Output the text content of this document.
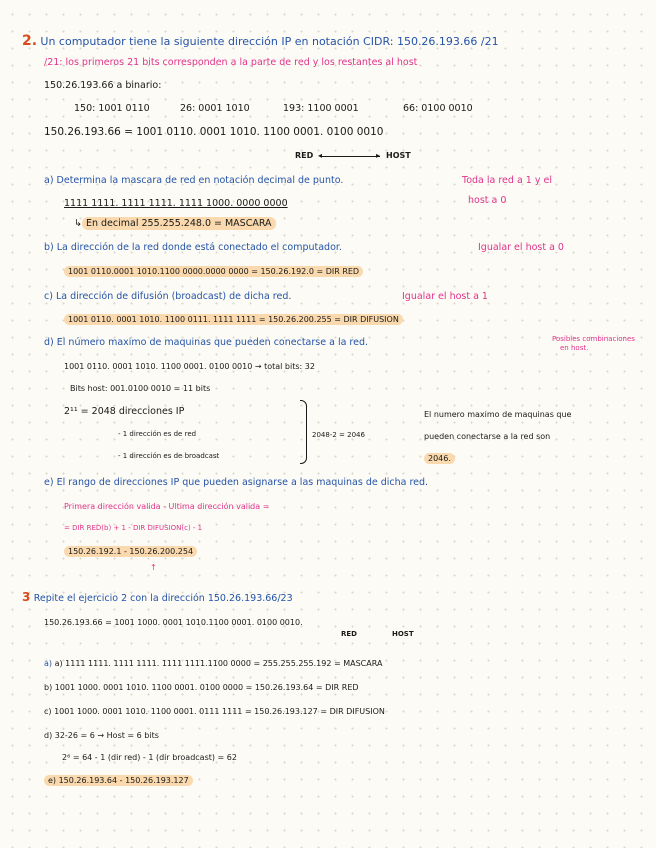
2. Un computador tiene la siguiente dirección IP en notación CIDR: 150.26.193.66 /21
/21: los primeros 21 bits corresponden a la parte de red y los restantes al host
150.26.193.66 a binario:
150: 1001 0110	26: 0001 1010	193: 1100 0001	66: 0100 0010
150.26.193.66 = 1001 0110. 0001 1010. 1100 0001. 0100 0010
RED ◂	▸ HOST
a) Determina la mascara de red en notación decimal de punto.	Toda la red a 1 y el
host a 0
1111 1111. 1111 1111. 1111 1000. 0000 0000
↳ En decimal 255.255.248.0 = MASCARA
b) La dirección de la red donde está conectado el computador.	Igualar el host a 0
1001 0110.0001 1010.1100 0000.0000 0000 = 150.26.192.0 = DIR RED
c) La dirección de difusión (broadcast) de dicha red.	Igualar el host a 1
1001 0110. 0001 1010. 1100 0111. 1111 1111 = 150.26.200.255 = DIR DIFUSION
d) El número maximo de maquinas que pueden conectarse a la red.	Posibles combinaciones
en host.
1001 0110. 0001 1010. 1100 0001. 0100 0010 → total bits: 32
Bits host: 001.0100 0010 = 11 bits
2¹¹ = 2048 direcciones IP
- 1 dirección es de red
- 1 dirección es de broadcast
2048-2 = 2046
El numero maximo de maquinas que
pueden conectarse a la red son
2046.
e) El rango de direcciones IP que pueden asignarse a las maquinas de dicha red.
Primera dirección valida - Ultima dirección valida =
= DIR RED(b) + 1 - DIR DIFUSION(c) - 1
150.26.192.1 - 150.26.200.254
↑
3 Repite el ejercicio 2 con la dirección 150.26.193.66/23
150.26.193.66 = 1001 1000. 0001 1010.1100 0001. 0100 0010.
RED	HOST
a) a) 1111 1111. 1111 1111. 1111 1111.1100 0000 = 255.255.255.192 = MASCARA
b) 1001 1000. 0001 1010. 1100 0001. 0100 0000 = 150.26.193.64 = DIR RED
c) 1001 1000. 0001 1010. 1100 0001. 0111 1111 = 150.26.193.127 = DIR DIFUSION
d) 32-26 = 6 → Host = 6 bits
2⁶ = 64 - 1 (dir red) - 1 (dir broadcast) = 62
e) 150.26.193.64 - 150.26.193.127
